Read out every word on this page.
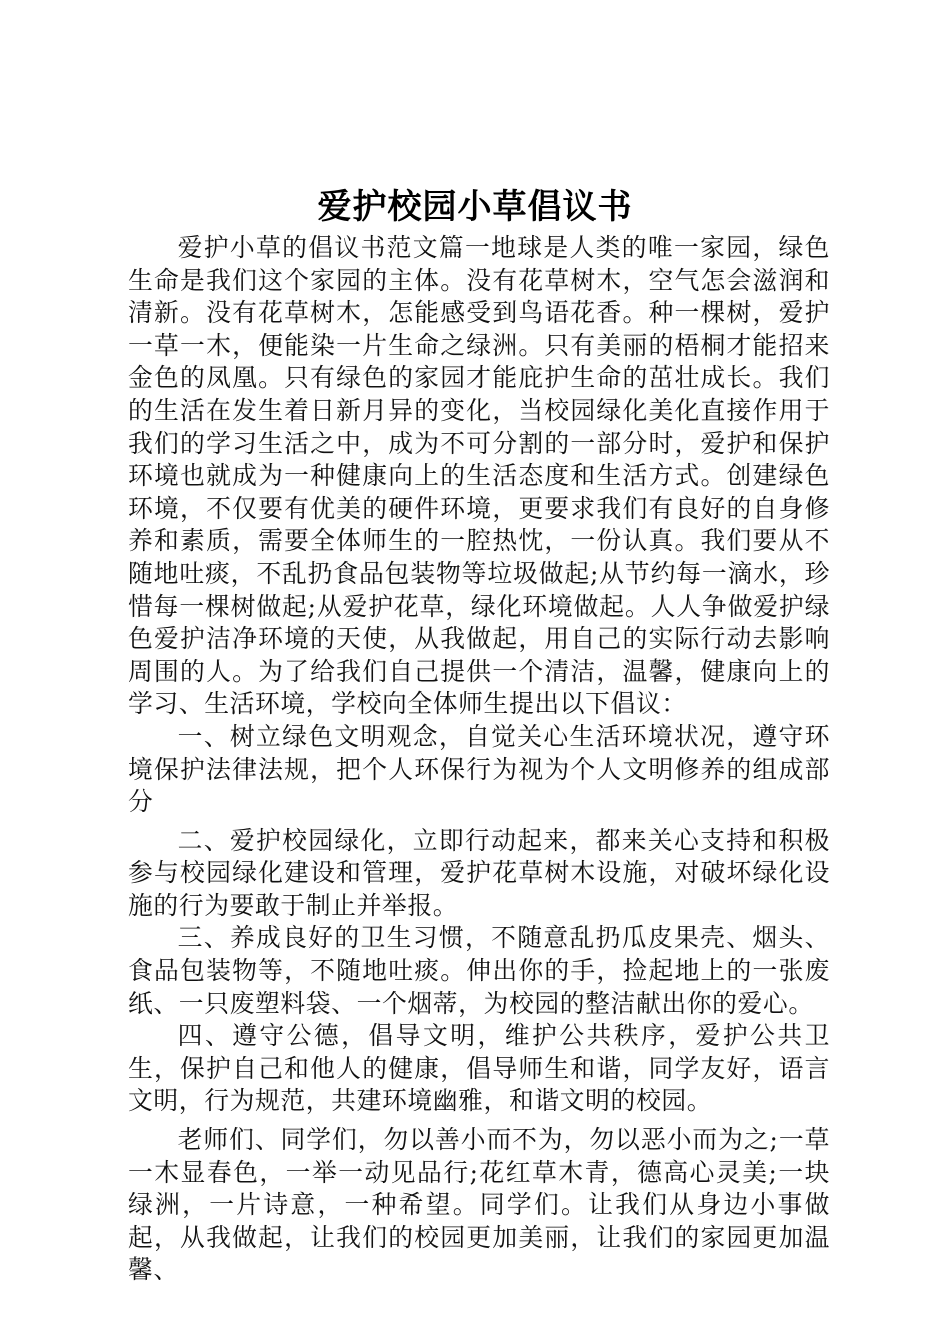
爱护校园小草倡议书

爱护小草的倡议书范文篇一地球是人类的唯一家园，绿色生命是我们这个家园的主体。没有花草树木，空气怎会滋润和清新。没有花草树木，怎能感受到鸟语花香。种一棵树，爱护一草一木，便能染一片生命之绿洲。只有美丽的梧桐才能招来金色的凤凰。只有绿色的家园才能庇护生命的茁壮成长。我们的生活在发生着日新月异的变化，当校园绿化美化直接作用于我们的学习生活之中，成为不可分割的一部分时，爱护和保护环境也就成为一种健康向上的生活态度和生活方式。创建绿色环境，不仅要有优美的硬件环境，更要求我们有良好的自身修养和素质，需要全体师生的一腔热忱，一份认真。我们要从不随地吐痰，不乱扔食品包装物等垃圾做起;从节约每一滴水，珍惜每一棵树做起;从爱护花草，绿化环境做起。人人争做爱护绿色爱护洁净环境的天使，从我做起，用自己的实际行动去影响周围的人。为了给我们自己提供一个清洁，温馨，健康向上的学习、生活环境，学校向全体师生提出以下倡议：

一、树立绿色文明观念，自觉关心生活环境状况，遵守环境保护法律法规，把个人环保行为视为个人文明修养的组成部分

二、爱护校园绿化，立即行动起来，都来关心支持和积极参与校园绿化建设和管理，爱护花草树木设施，对破坏绿化设施的行为要敢于制止并举报。

三、养成良好的卫生习惯，不随意乱扔瓜皮果壳、烟头、食品包装物等，不随地吐痰。伸出你的手，捡起地上的一张废纸、一只废塑料袋、一个烟蒂，为校园的整洁献出你的爱心。

四、遵守公德，倡导文明，维护公共秩序，爱护公共卫生，保护自己和他人的健康，倡导师生和谐，同学友好，语言文明，行为规范，共建环境幽雅，和谐文明的校园。

老师们、同学们，勿以善小而不为，勿以恶小而为之;一草一木显春色，一举一动见品行;花红草木青，德高心灵美;一块绿洲，一片诗意，一种希望。同学们。让我们从身边小事做起，从我做起，让我们的校园更加美丽，让我们的家园更加温馨、
